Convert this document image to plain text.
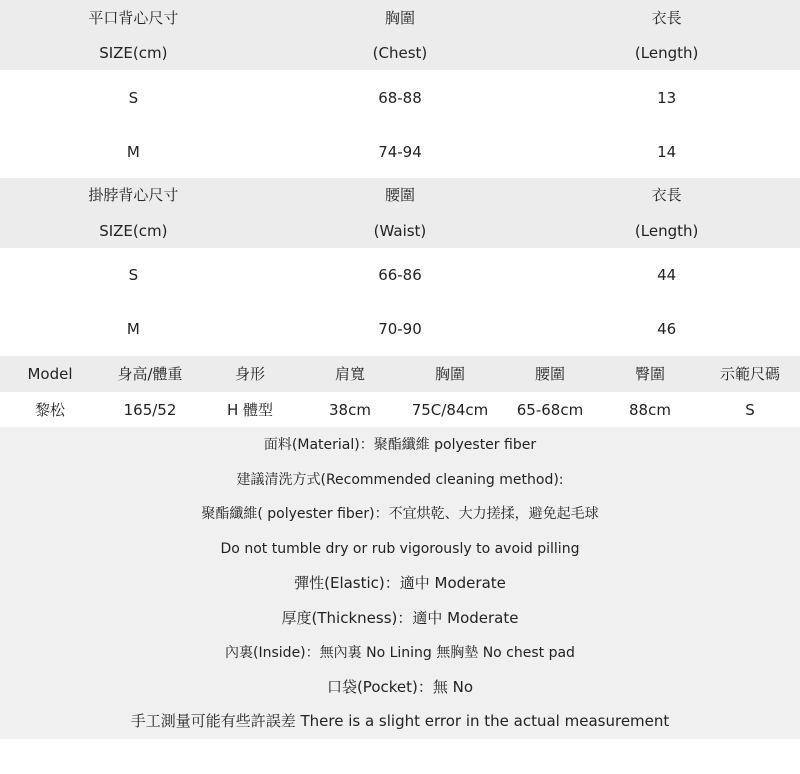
平口背心尺寸	胸圍	衣長
SIZE(cm)	(Chest)	(Length)
S	68-88	13
M	74-94	14
掛脖背心尺寸	腰圍	衣長
SIZE(cm)	(Waist)	(Length)
S	66-86	44
M	70-90	46
Model	身高/體重	身形	肩寬	胸圍	腰圍	臀圍	示範尺碼
黎松	165/52	H 體型	38cm	75C/84cm	65-68cm	88cm	S
面料(Material)：聚酯纖維 polyester fiber
建議清洗方式(Recommended cleaning method):
聚酯纖維( polyester fiber)：不宜烘乾、大力搓揉，避免起毛球
Do not tumble dry or rub vigorously to avoid pilling
彈性(Elastic)：適中 Moderate
厚度(Thickness)：適中 Moderate
內裏(Inside)：無內裏 No Lining 無胸墊 No chest pad
口袋(Pocket)：無 No
手工測量可能有些許誤差 There is a slight error in the actual measurement
